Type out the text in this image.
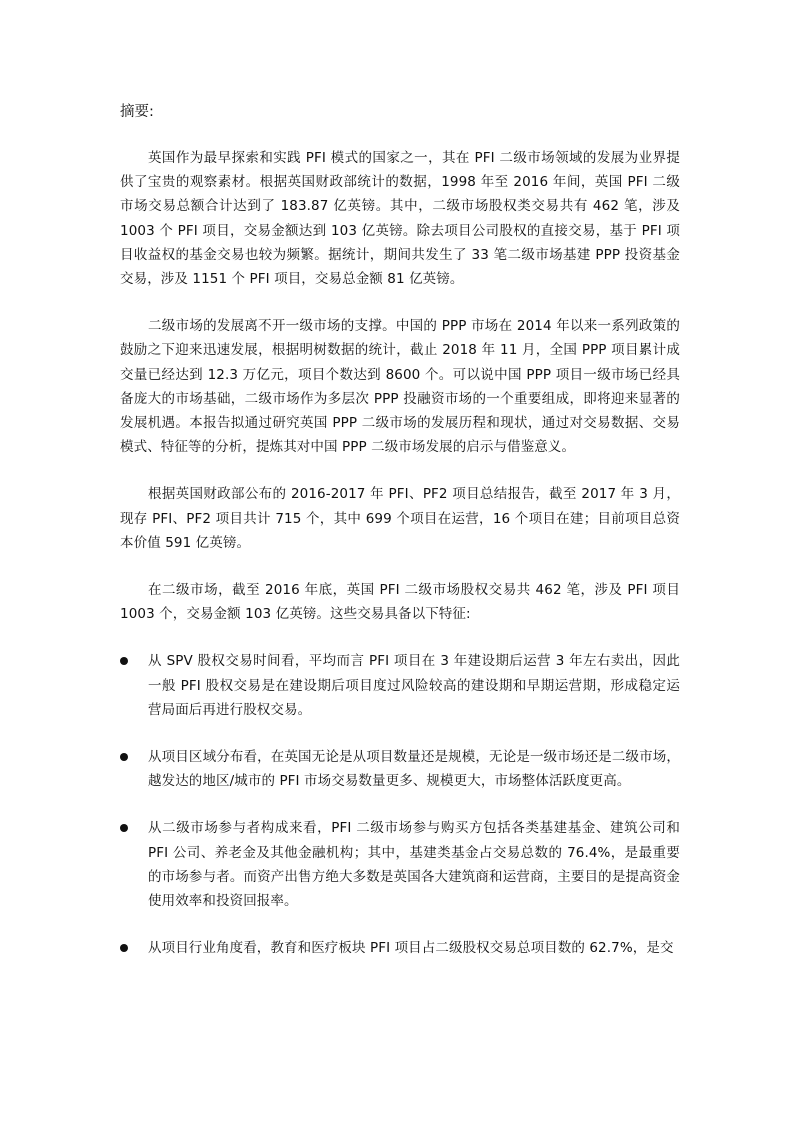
摘要:

英国作为最早探索和实践 PFI 模式的国家之一，其在 PFI 二级市场领域的发展为业界提供了宝贵的观察素材。根据英国财政部统计的数据，1998 年至 2016 年间，英国 PFI 二级市场交易总额合计达到了 183.87 亿英镑。其中，二级市场股权类交易共有 462 笔，涉及 1003 个 PFI 项目，交易金额达到 103 亿英镑。除去项目公司股权的直接交易，基于 PFI 项目收益权的基金交易也较为频繁。据统计，期间共发生了 33 笔二级市场基建 PPP 投资基金交易，涉及 1151 个 PFI 项目，交易总金额 81 亿英镑。

二级市场的发展离不开一级市场的支撑。中国的 PPP 市场在 2014 年以来一系列政策的鼓励之下迎来迅速发展，根据明树数据的统计，截止 2018 年 11 月，全国 PPP 项目累计成交量已经达到 12.3 万亿元，项目个数达到 8600 个。可以说中国 PPP 项目一级市场已经具备庞大的市场基础，二级市场作为多层次 PPP 投融资市场的一个重要组成，即将迎来显著的发展机遇。本报告拟通过研究英国 PPP 二级市场的发展历程和现状，通过对交易数据、交易模式、特征等的分析，提炼其对中国 PPP 二级市场发展的启示与借鉴意义。

根据英国财政部公布的 2016-2017 年 PFI、PF2 项目总结报告，截至 2017 年 3 月，现存 PFI、PF2 项目共计 715 个，其中 699 个项目在运营，16 个项目在建；目前项目总资本价值 591 亿英镑。

在二级市场，截至 2016 年底，英国 PFI 二级市场股权交易共 462 笔，涉及 PFI 项目 1003 个，交易金额 103 亿英镑。这些交易具备以下特征:

从 SPV 股权交易时间看，平均而言 PFI 项目在 3 年建设期后运营 3 年左右卖出，因此一般 PFI 股权交易是在建设期后项目度过风险较高的建设期和早期运营期，形成稳定运营局面后再进行股权交易。
从项目区域分布看，在英国无论是从项目数量还是规模，无论是一级市场还是二级市场，越发达的地区/城市的 PFI 市场交易数量更多、规模更大，市场整体活跃度更高。
从二级市场参与者构成来看，PFI 二级市场参与购买方包括各类基建基金、建筑公司和 PFI 公司、养老金及其他金融机构；其中，基建类基金占交易总数的 76.4%，是最重要的市场参与者。而资产出售方绝大多数是英国各大建筑商和运营商，主要目的是提高资金使用效率和投资回报率。
从项目行业角度看，教育和医疗板块 PFI 项目占二级股权交易总项目数的 62.7%，是交
